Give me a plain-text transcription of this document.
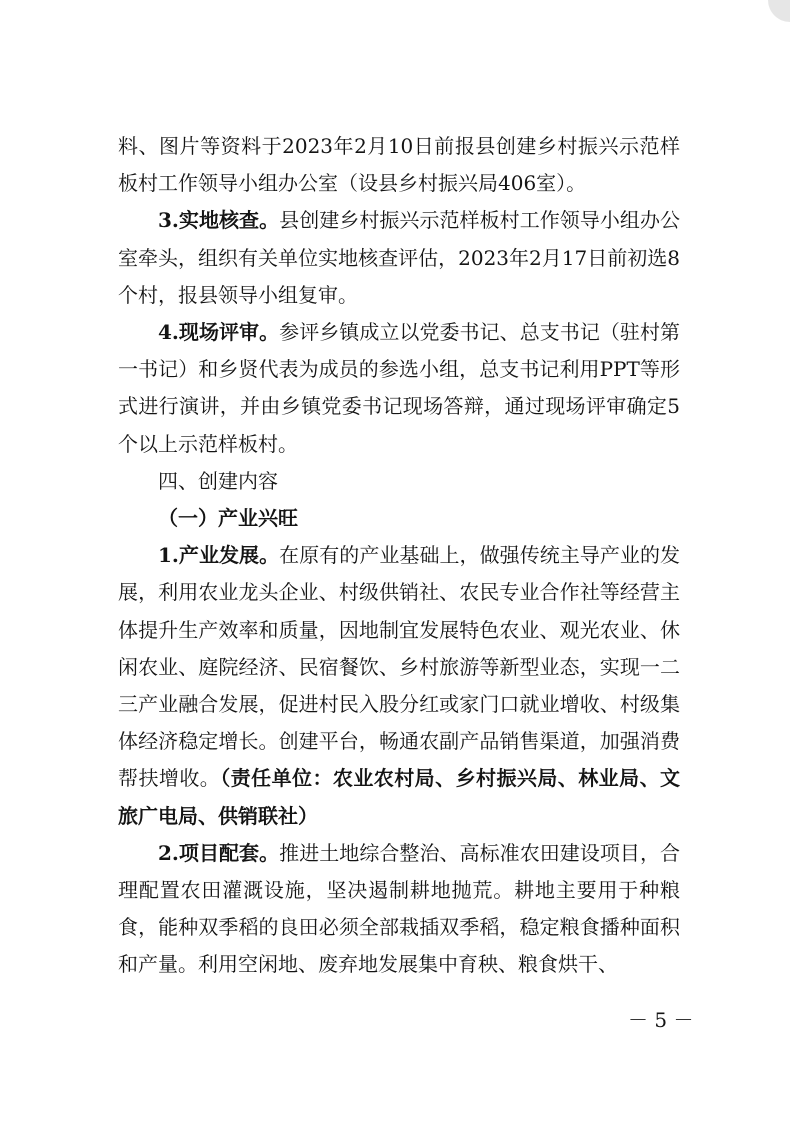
料、图片等资料于2023年2月10日前报县创建乡村振兴示范样板村工作领导小组办公室（设县乡村振兴局406室）。

3.实地核查。县创建乡村振兴示范样板村工作领导小组办公室牵头，组织有关单位实地核查评估，2023年2月17日前初选8个村，报县领导小组复审。

4.现场评审。参评乡镇成立以党委书记、总支书记（驻村第一书记）和乡贤代表为成员的参选小组，总支书记利用PPT等形式进行演讲，并由乡镇党委书记现场答辩，通过现场评审确定5个以上示范样板村。

四、创建内容

（一）产业兴旺

1.产业发展。在原有的产业基础上，做强传统主导产业的发展，利用农业龙头企业、村级供销社、农民专业合作社等经营主体提升生产效率和质量，因地制宜发展特色农业、观光农业、休闲农业、庭院经济、民宿餐饮、乡村旅游等新型业态，实现一二三产业融合发展，促进村民入股分红或家门口就业增收、村级集体经济稳定增长。创建平台，畅通农副产品销售渠道，加强消费帮扶增收。（责任单位：农业农村局、乡村振兴局、林业局、文旅广电局、供销联社）

2.项目配套。推进土地综合整治、高标准农田建设项目，合理配置农田灌溉设施，坚决遏制耕地抛荒。耕地主要用于种粮食，能种双季稻的良田必须全部栽插双季稻，稳定粮食播种面积和产量。利用空闲地、废弃地发展集中育秧、粮食烘干、

－ 5 －
